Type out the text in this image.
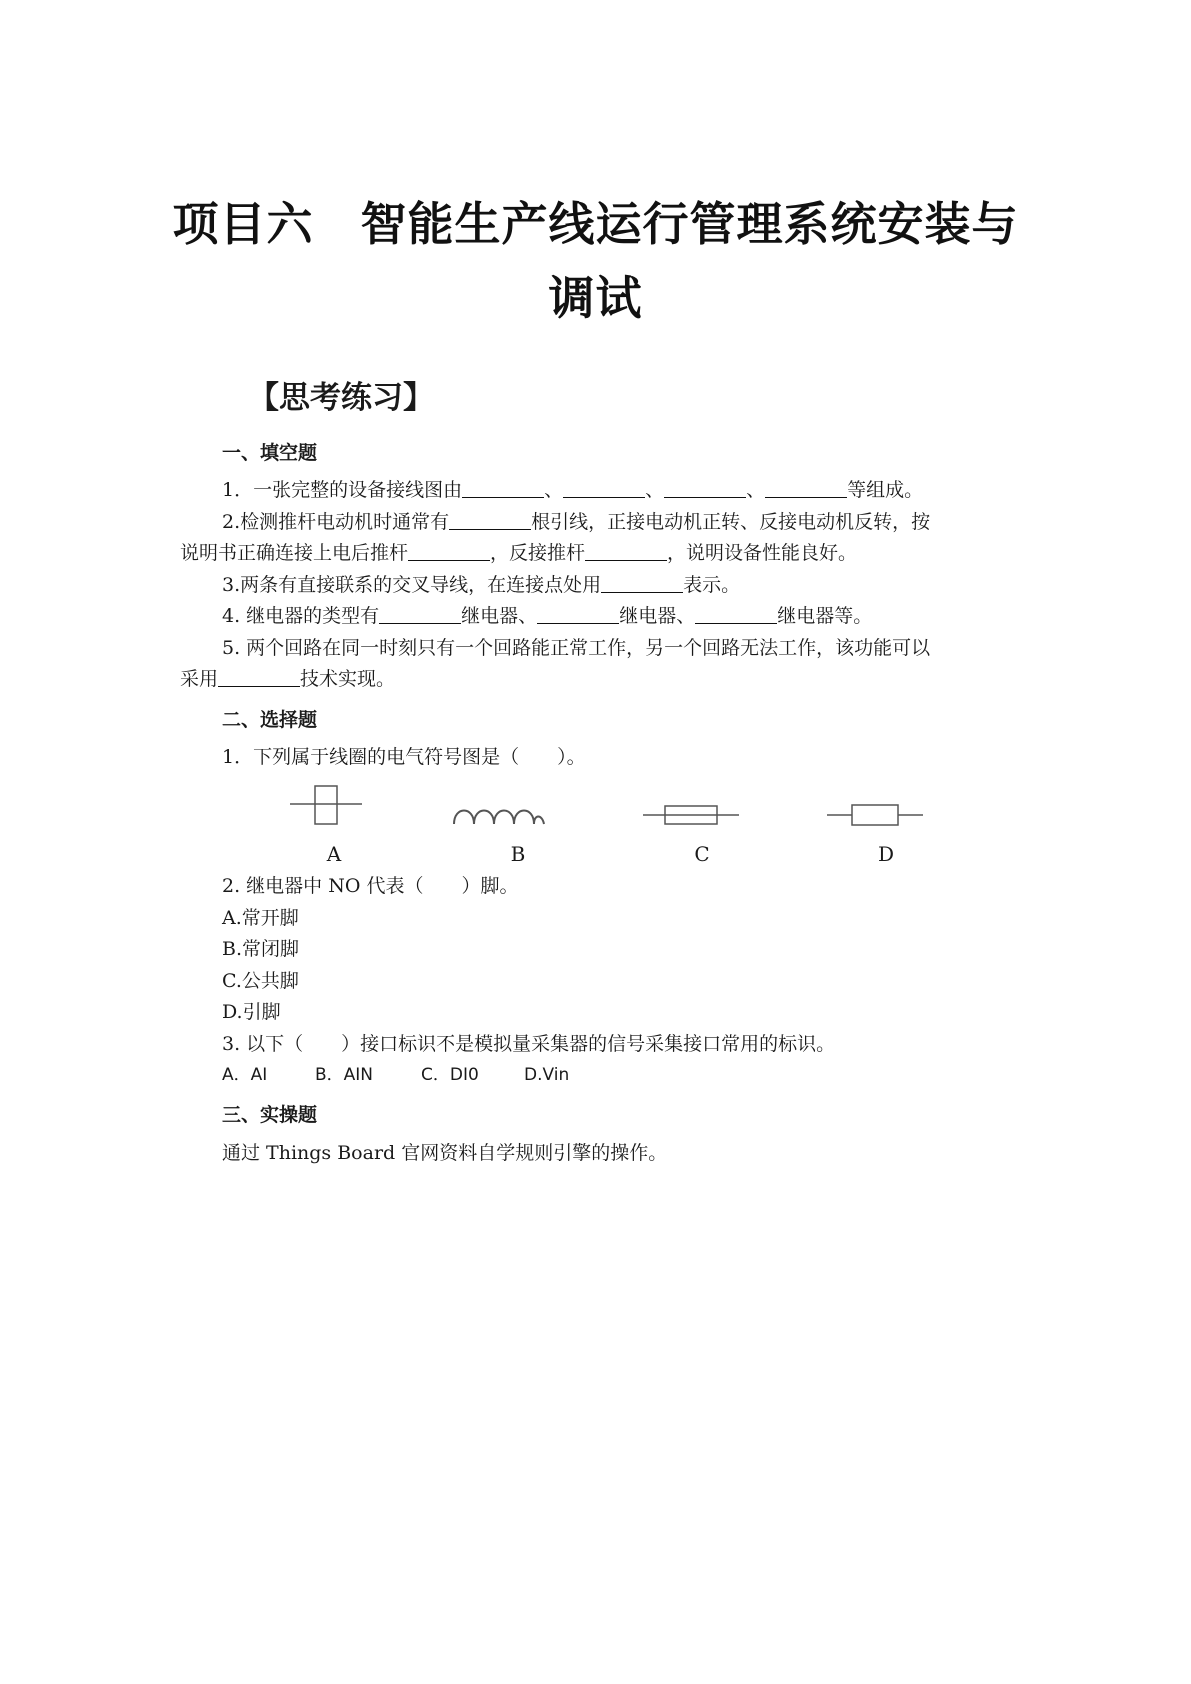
项目六　智能生产线运行管理系统安装与
调试
【思考练习】
一、填空题
1．一张完整的设备接线图由	、	、	、	等组成。
2.检测推杆电动机时通常有	根引线，正接电动机正转、反接电动机反转，按
说明书正确连接上电后推杆	，反接推杆	，说明设备性能良好。
3.两条有直接联系的交叉导线，在连接点处用	表示。
4. 继电器的类型有	继电器、	继电器、	继电器等。
5. 两个回路在同一时刻只有一个回路能正常工作，另一个回路无法工作，该功能可以
采用	技术实现。
二、选择题
1．下列属于线圈的电气符号图是（　　）。
A	B	C	D
2. 继电器中 NO 代表（　　）脚。
A.常开脚
B.常闭脚
C.公共脚
D.引脚
3. 以下（　　）接口标识不是模拟量采集器的信号采集接口常用的标识。
A．AI	B．AIN	C．DI0	D.Vin
三、实操题
通过 Things Board 官网资料自学规则引擎的操作。
